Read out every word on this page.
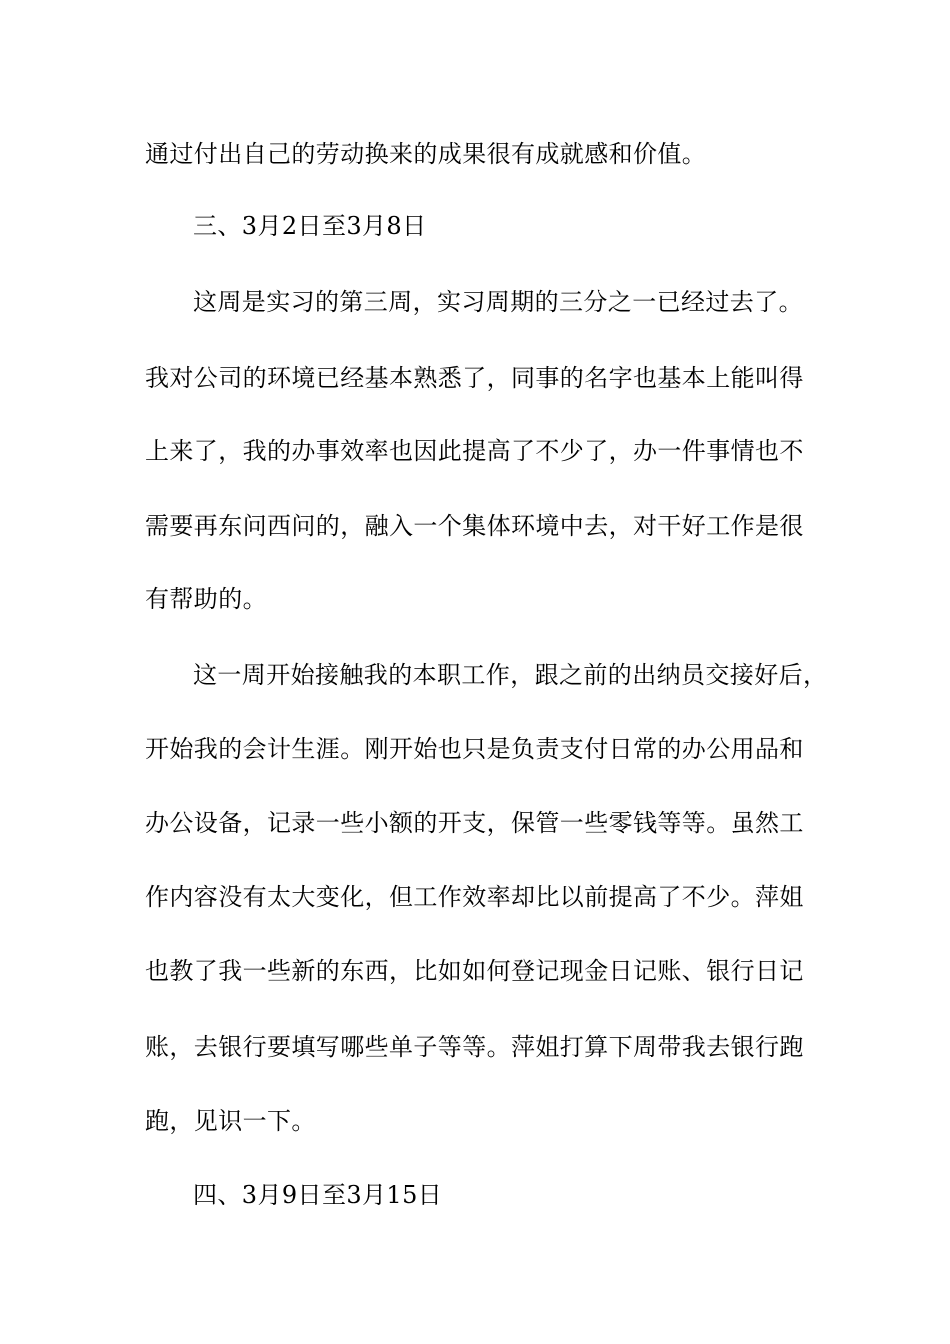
通过付出自己的劳动换来的成果很有成就感和价值。
三、3月2日至3月8日
这周是实习的第三周，实习周期的三分之一已经过去了。
我对公司的环境已经基本熟悉了，同事的名字也基本上能叫得
上来了，我的办事效率也因此提高了不少了，办一件事情也不
需要再东问西问的，融入一个集体环境中去，对干好工作是很
有帮助的。
这一周开始接触我的本职工作，跟之前的出纳员交接好后，
开始我的会计生涯。刚开始也只是负责支付日常的办公用品和
办公设备，记录一些小额的开支，保管一些零钱等等。虽然工
作内容没有太大变化，但工作效率却比以前提高了不少。萍姐
也教了我一些新的东西，比如如何登记现金日记账、银行日记
账，去银行要填写哪些单子等等。萍姐打算下周带我去银行跑
跑，见识一下。
四、3月9日至3月15日
